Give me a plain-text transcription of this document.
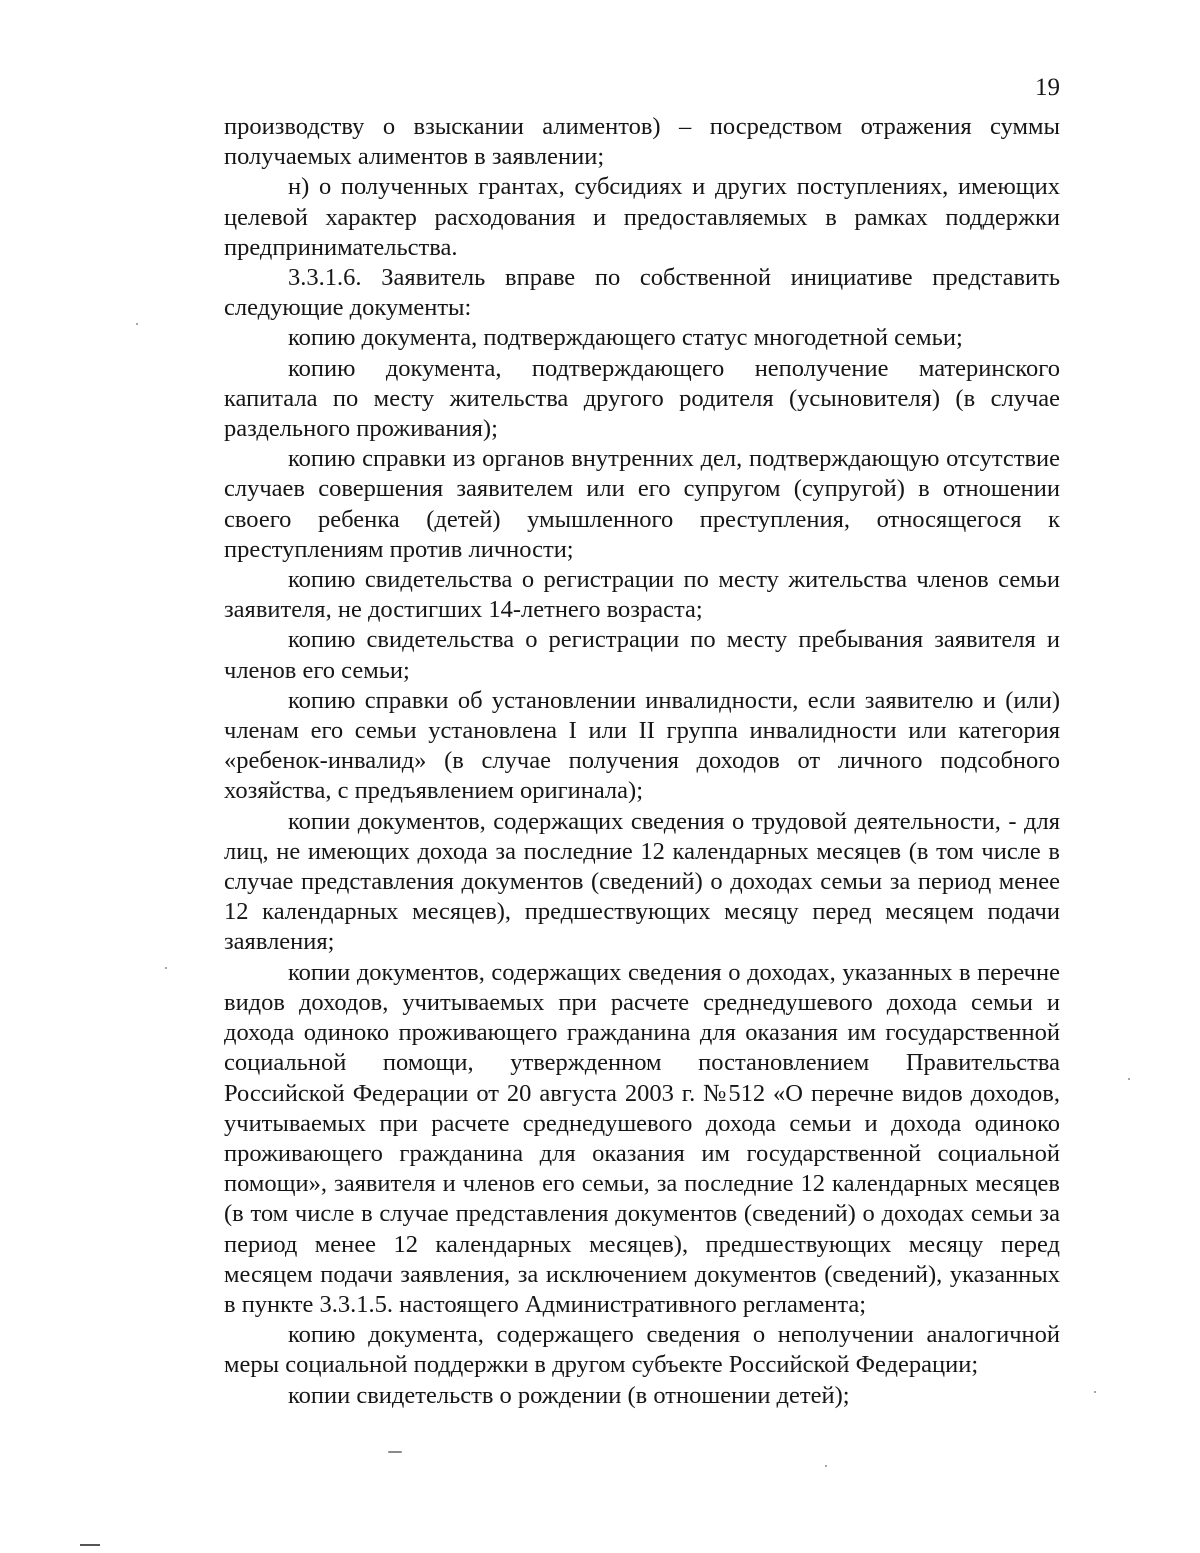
19

производству о взыскании алиментов) – посредством отражения суммы получаемых алиментов в заявлении;

н) о полученных грантах, субсидиях и других поступлениях, имеющих целевой характер расходования и предоставляемых в рамках поддержки предпринимательства.

3.3.1.6. Заявитель вправе по собственной инициативе представить следующие документы:

копию документа, подтверждающего статус многодетной семьи;

копию документа, подтверждающего неполучение материнского капитала по месту жительства другого родителя (усыновителя) (в случае раздельного проживания);

копию справки из органов внутренних дел, подтверждающую отсутствие случаев совершения заявителем или его супругом (супругой) в отношении своего ребенка (детей) умышленного преступления, относящегося к преступлениям против личности;

копию свидетельства о регистрации по месту жительства членов семьи заявителя, не достигших 14-летнего возраста;

копию свидетельства о регистрации по месту пребывания заявителя и членов его семьи;

копию справки об установлении инвалидности, если заявителю и (или) членам его семьи установлена I или II группа инвалидности или категория «ребенок-инвалид» (в случае получения доходов от личного подсобного хозяйства, с предъявлением оригинала);

копии документов, содержащих сведения о трудовой деятельности, - для лиц, не имеющих дохода за последние 12 календарных месяцев (в том числе в случае представления документов (сведений) о доходах семьи за период менее 12 календарных месяцев), предшествующих месяцу перед месяцем подачи заявления;

копии документов, содержащих сведения о доходах, указанных в перечне видов доходов, учитываемых при расчете среднедушевого дохода семьи и дохода одиноко проживающего гражданина для оказания им государственной социальной помощи, утвержденном постановлением Правительства Российской Федерации от 20 августа 2003 г. №512 «О перечне видов доходов, учитываемых при расчете среднедушевого дохода семьи и дохода одиноко проживающего гражданина для оказания им государственной социальной помощи», заявителя и членов его семьи, за последние 12 календарных месяцев (в том числе в случае представления документов (сведений) о доходах семьи за период менее 12 календарных месяцев), предшествующих месяцу перед месяцем подачи заявления, за исключением документов (сведений), указанных в пункте 3.3.1.5. настоящего Административного регламента;

копию документа, содержащего сведения о неполучении аналогичной меры социальной поддержки в другом субъекте Российской Федерации;

копии свидетельств о рождении (в отношении детей);
